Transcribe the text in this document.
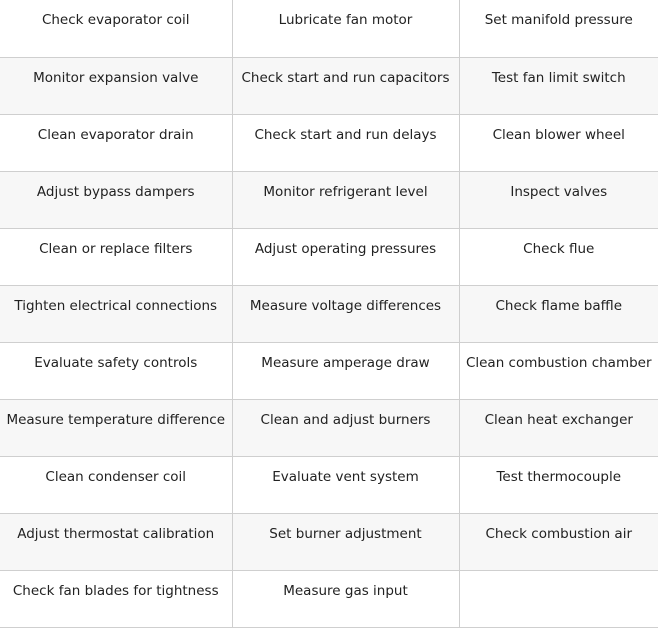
Check evaporator coil	Lubricate fan motor	Set manifold pressure
Monitor expansion valve	Check start and run capacitors	Test fan limit switch
Clean evaporator drain	Check start and run delays	Clean blower wheel
Adjust bypass dampers	Monitor refrigerant level	Inspect valves
Clean or replace filters	Adjust operating pressures	Check flue
Tighten electrical connections	Measure voltage differences	Check flame baffle
Evaluate safety controls	Measure amperage draw	Clean combustion chamber
Measure temperature difference	Clean and adjust burners	Clean heat exchanger
Clean condenser coil	Evaluate vent system	Test thermocouple
Adjust thermostat calibration	Set burner adjustment	Check combustion air
Check fan blades for tightness	Measure gas input	
